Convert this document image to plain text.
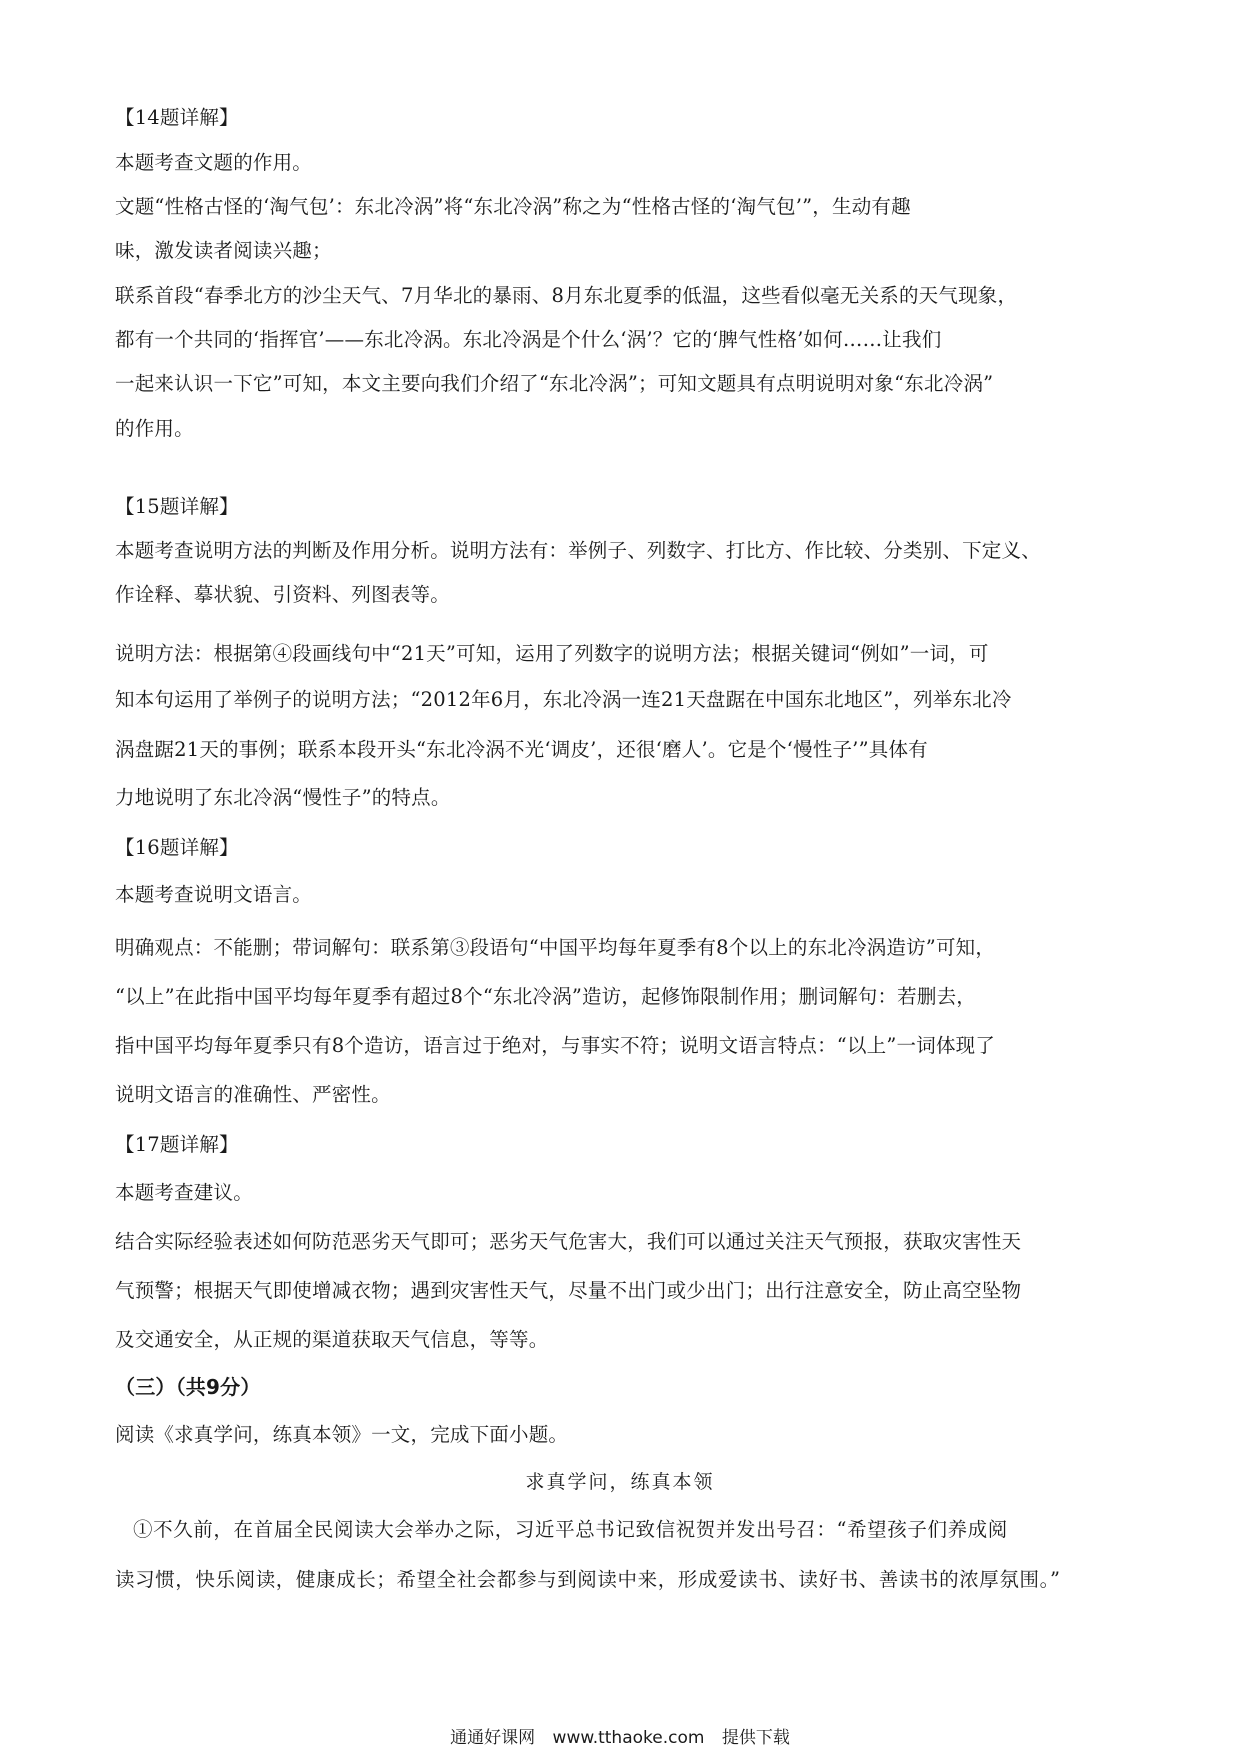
【14题详解】
本题考查文题的作用。
文题“性格古怪的‘淘气包’：东北冷涡”将“东北冷涡”称之为“性格古怪的‘淘气包’”，生动有趣
味，激发读者阅读兴趣；
联系首段“春季北方的沙尘天气、7月华北的暴雨、8月东北夏季的低温，这些看似毫无关系的天气现象，
都有一个共同的‘指挥官’——东北冷涡。东北冷涡是个什么‘涡’？它的‘脾气性格’如何……让我们
一起来认识一下它”可知，本文主要向我们介绍了“东北冷涡”；可知文题具有点明说明对象“东北冷涡”
的作用。
【15题详解】
本题考查说明方法的判断及作用分析。说明方法有：举例子、列数字、打比方、作比较、分类别、下定义、
作诠释、摹状貌、引资料、列图表等。
说明方法：根据第④段画线句中“21天”可知，运用了列数字的说明方法；根据关键词“例如”一词，可
知本句运用了举例子的说明方法；“2012年6月，东北冷涡一连21天盘踞在中国东北地区”，列举东北冷
涡盘踞21天的事例；联系本段开头“东北冷涡不光‘调皮’，还很‘磨人’。它是个‘慢性子’”具体有
力地说明了东北冷涡“慢性子”的特点。
【16题详解】
本题考查说明文语言。
明确观点：不能删；带词解句：联系第③段语句“中国平均每年夏季有8个以上的东北冷涡造访”可知，
“以上”在此指中国平均每年夏季有超过8个“东北冷涡”造访，起修饰限制作用；删词解句：若删去，
指中国平均每年夏季只有8个造访，语言过于绝对，与事实不符；说明文语言特点：“以上”一词体现了
说明文语言的准确性、严密性。
【17题详解】
本题考查建议。
结合实际经验表述如何防范恶劣天气即可；恶劣天气危害大，我们可以通过关注天气预报，获取灾害性天
气预警；根据天气即使增减衣物；遇到灾害性天气，尽量不出门或少出门；出行注意安全，防止高空坠物
及交通安全，从正规的渠道获取天气信息，等等。
（三）（共9分）
阅读《求真学问，练真本领》一文，完成下面小题。
求真学问，练真本领
①不久前，在首届全民阅读大会举办之际，习近平总书记致信祝贺并发出号召：“希望孩子们养成阅
读习惯，快乐阅读，健康成长；希望全社会都参与到阅读中来，形成爱读书、读好书、善读书的浓厚氛围。”
通通好课网 www.tthaoke.com 提供下载
